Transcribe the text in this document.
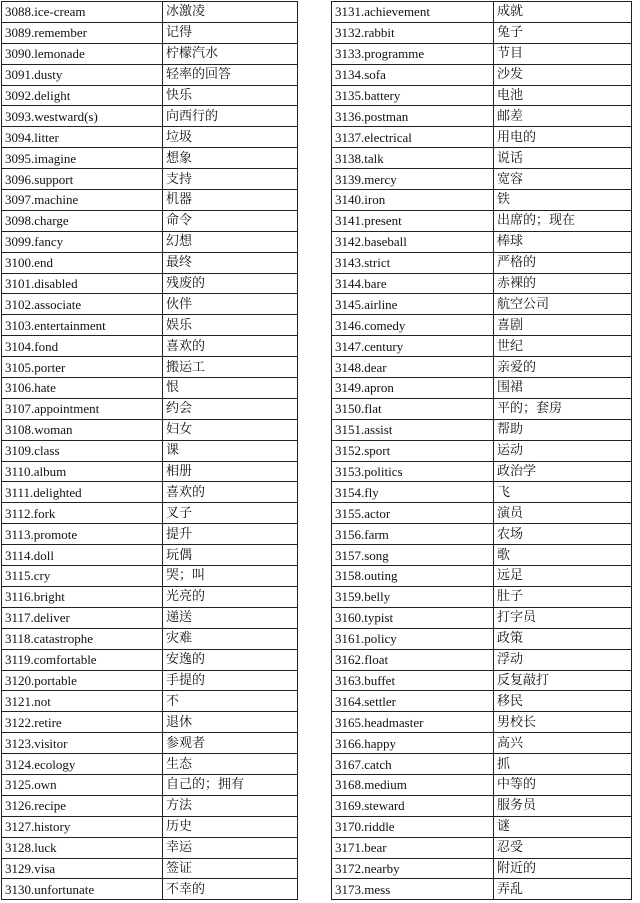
3088.ice-cream	冰激凌
3089.remember	记得
3090.lemonade	柠檬汽水
3091.dusty	轻率的回答
3092.delight	快乐
3093.westward(s)	向西行的
3094.litter	垃圾
3095.imagine	想象
3096.support	支持
3097.machine	机器
3098.charge	命令
3099.fancy	幻想
3100.end	最终
3101.disabled	残废的
3102.associate	伙伴
3103.entertainment	娱乐
3104.fond	喜欢的
3105.porter	搬运工
3106.hate	恨
3107.appointment	约会
3108.woman	妇女
3109.class	课
3110.album	相册
3111.delighted	喜欢的
3112.fork	叉子
3113.promote	提升
3114.doll	玩偶
3115.cry	哭；叫
3116.bright	光亮的
3117.deliver	递送
3118.catastrophe	灾难
3119.comfortable	安逸的
3120.portable	手提的
3121.not	不
3122.retire	退休
3123.visitor	参观者
3124.ecology	生态
3125.own	自己的；拥有
3126.recipe	方法
3127.history	历史
3128.luck	幸运
3129.visa	签证
3130.unfortunate	不幸的
3131.achievement	成就
3132.rabbit	兔子
3133.programme	节目
3134.sofa	沙发
3135.battery	电池
3136.postman	邮差
3137.electrical	用电的
3138.talk	说话
3139.mercy	宽容
3140.iron	铁
3141.present	出席的；现在
3142.baseball	棒球
3143.strict	严格的
3144.bare	赤裸的
3145.airline	航空公司
3146.comedy	喜剧
3147.century	世纪
3148.dear	亲爱的
3149.apron	围裙
3150.flat	平的；套房
3151.assist	帮助
3152.sport	运动
3153.politics	政治学
3154.fly	飞
3155.actor	演员
3156.farm	农场
3157.song	歌
3158.outing	远足
3159.belly	肚子
3160.typist	打字员
3161.policy	政策
3162.float	浮动
3163.buffet	反复敲打
3164.settler	移民
3165.headmaster	男校长
3166.happy	高兴
3167.catch	抓
3168.medium	中等的
3169.steward	服务员
3170.riddle	谜
3171.bear	忍受
3172.nearby	附近的
3173.mess	弄乱
